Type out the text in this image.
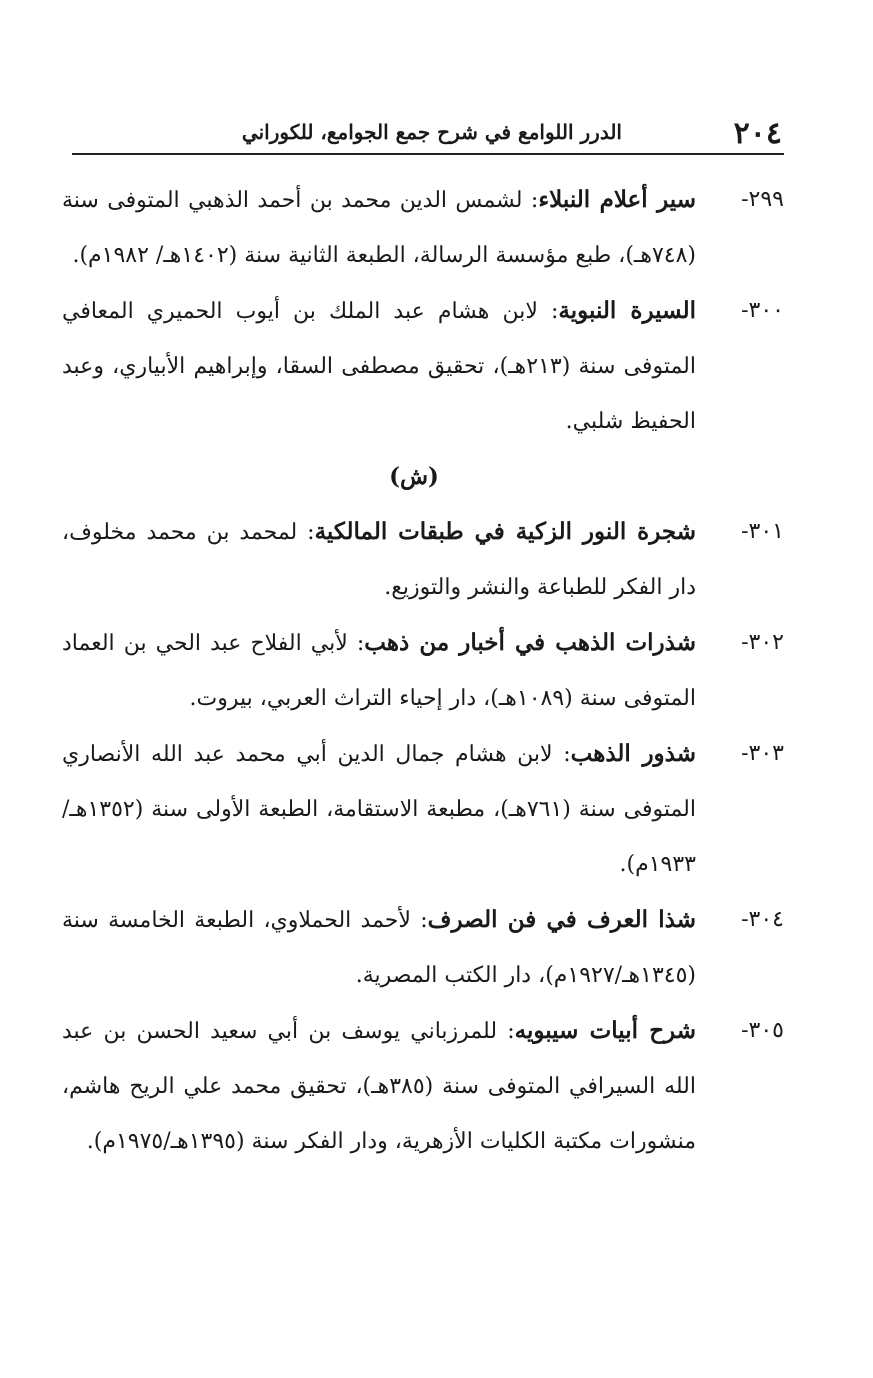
٢٠٤
الدرر اللوامع في شرح جمع الجوامع، للكوراني

٢٩٩-
سير أعلام النبلاء: لشمس الدين محمد بن أحمد الذهبي المتوفى سنة (٧٤٨هـ)، طبع مؤسسة الرسالة، الطبعة الثانية سنة (١٤٠٢هـ/ ١٩٨٢م).

٣٠٠-
السيرة النبوية: لابن هشام عبد الملك بن أيوب الحميري المعافي المتوفى سنة (٢١٣هـ)، تحقيق مصطفى السقا، وإبراهيم الأبياري، وعبد الحفيظ شلبي.

(ش)

٣٠١-
شجرة النور الزكية في طبقات المالكية: لمحمد بن محمد مخلوف، دار الفكر للطباعة والنشر والتوزيع.

٣٠٢-
شذرات الذهب في أخبار من ذهب: لأبي الفلاح عبد الحي بن العماد المتوفى سنة (١٠٨٩هـ)، دار إحياء التراث العربي، بيروت.

٣٠٣-
شذور الذهب: لابن هشام جمال الدين أبي محمد عبد الله الأنصاري المتوفى سنة (٧٦١هـ)، مطبعة الاستقامة، الطبعة الأولى سنة (١٣٥٢هـ/١٩٣٣م).

٣٠٤-
شذا العرف في فن الصرف: لأحمد الحملاوي، الطبعة الخامسة سنة (١٣٤٥هـ/١٩٢٧م)، دار الكتب المصرية.

٣٠٥-
شرح أبيات سيبويه: للمرزباني يوسف بن أبي سعيد الحسن بن عبد الله السيرافي المتوفى سنة (٣٨٥هـ)، تحقيق محمد علي الريح هاشم، منشورات مكتبة الكليات الأزهرية، ودار الفكر سنة (١٣٩٥هـ/١٩٧٥م).
